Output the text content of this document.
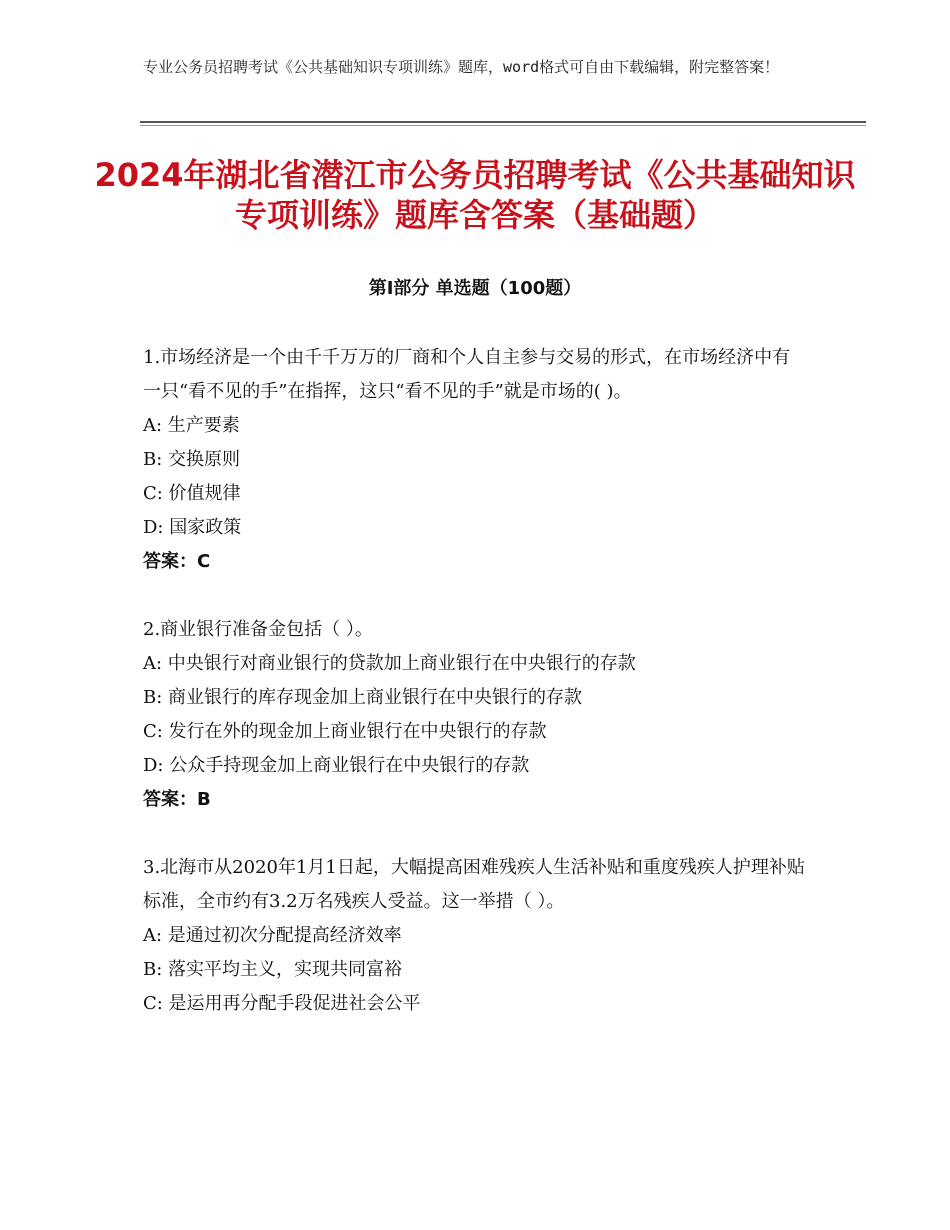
专业公务员招聘考试《公共基础知识专项训练》题库，word格式可自由下载编辑，附完整答案！
2024年湖北省潜江市公务员招聘考试《公共基础知识专项训练》题库含答案（基础题）
第Ⅰ部分 单选题（100题）

1.市场经济是一个由千千万万的厂商和个人自主参与交易的形式，在市场经济中有一只“看不见的手”在指挥，这只“看不见的手”就是市场的( )。

A: 生产要素

B: 交换原则

C: 价值规律

D: 国家政策

答案：C

2.商业银行准备金包括（ ）。

A: 中央银行对商业银行的贷款加上商业银行在中央银行的存款

B: 商业银行的库存现金加上商业银行在中央银行的存款

C: 发行在外的现金加上商业银行在中央银行的存款

D: 公众手持现金加上商业银行在中央银行的存款

答案：B

3.北海市从2020年1月1日起，大幅提高困难残疾人生活补贴和重度残疾人护理补贴标准，全市约有3.2万名残疾人受益。这一举措（ ）。

A: 是通过初次分配提高经济效率

B: 落实平均主义，实现共同富裕

C: 是运用再分配手段促进社会公平
